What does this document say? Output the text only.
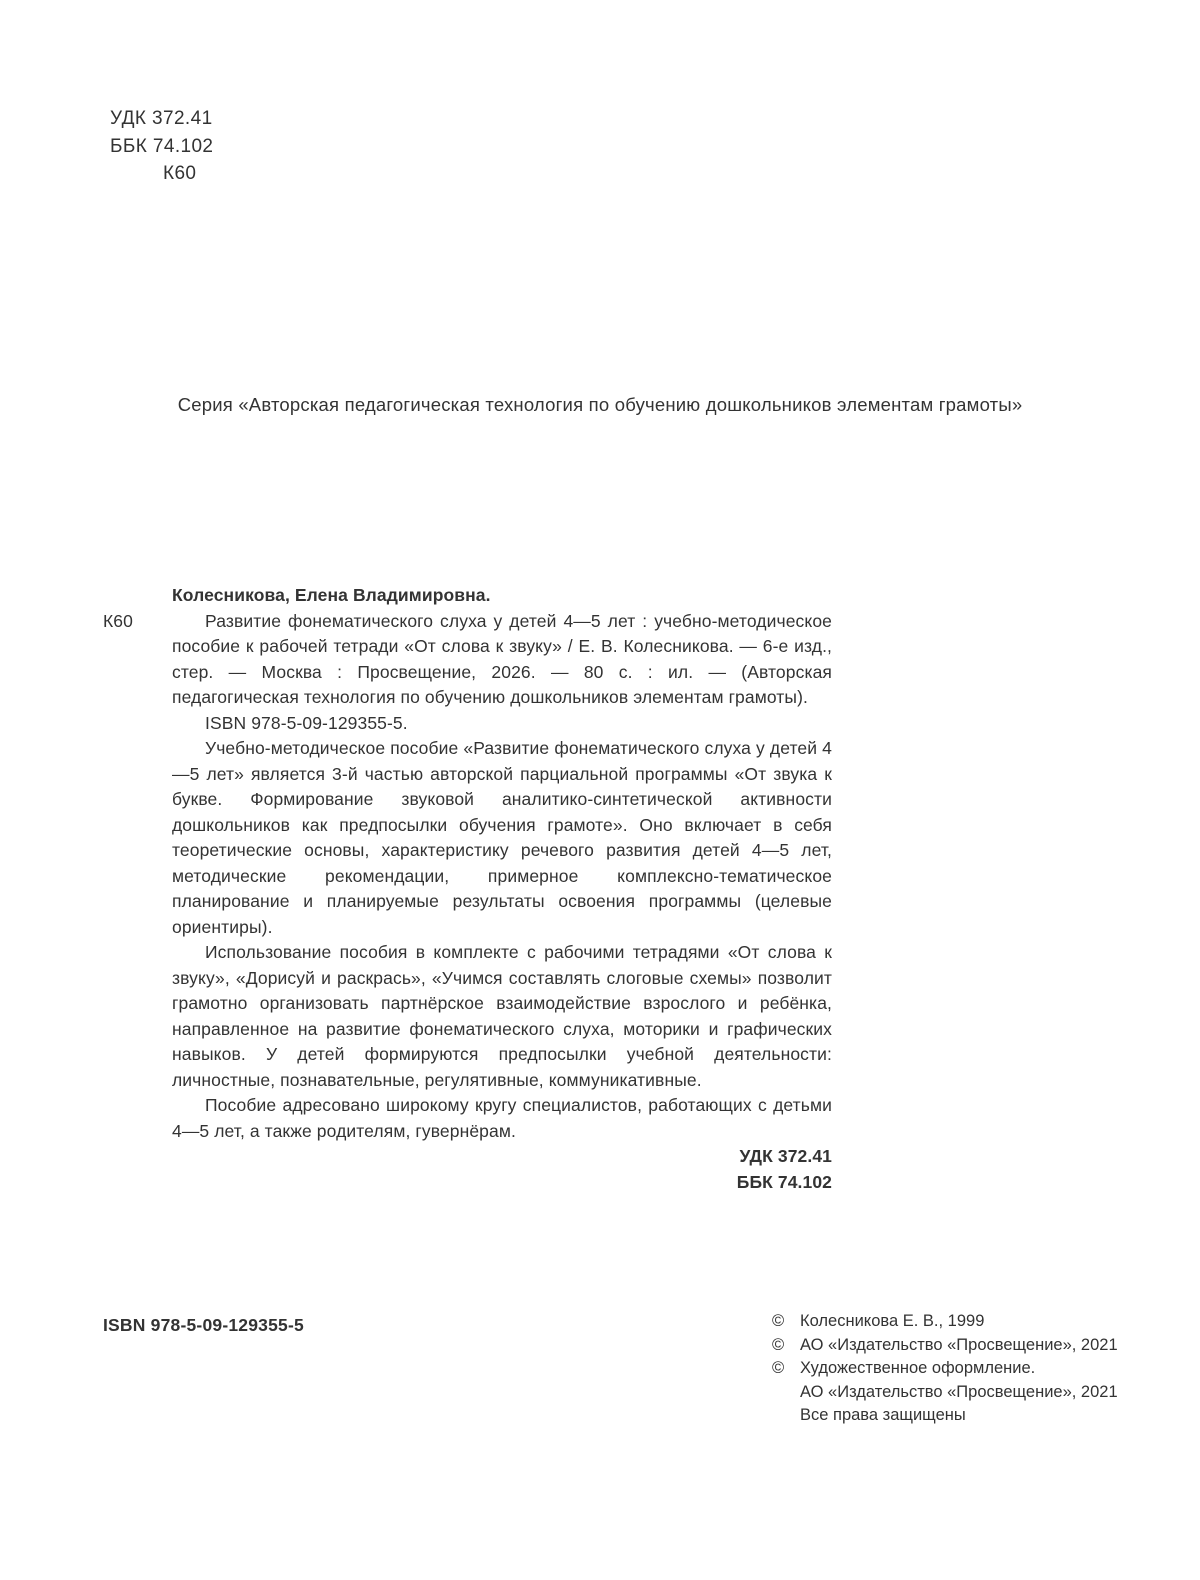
УДК 372.41
ББК 74.102
К60
Серия «Авторская педагогическая технология по обучению дошкольников элементам грамоты»
К60

Колесникова, Елена Владимировна.

Развитие фонематического слуха у детей 4—5 лет : учебно-методическое пособие к рабочей тетради «От слова к звуку» / Е. В. Колесникова. — 6-е изд., стер. — Москва : Просвещение, 2026. — 80 с. : ил. — (Авторская педагогическая технология по обучению дошкольников элементам грамоты).

ISBN 978-5-09-129355-5.

Учебно-методическое пособие «Развитие фонематического слуха у детей 4—5 лет» является 3-й частью авторской парциальной программы «От звука к букве. Формирование звуковой аналитико-синтетической активности дошкольников как предпосылки обучения грамоте». Оно включает в себя теоретические основы, характеристику речевого развития детей 4—5 лет, методические рекомендации, примерное комплексно-тематическое планирование и планируемые результаты освоения программы (целевые ориентиры).

Использование пособия в комплекте с рабочими тетрадями «От слова к звуку», «Дорисуй и раскрась», «Учимся составлять слоговые схемы» позволит грамотно организовать партнёрское взаимодействие взрослого и ребёнка, направленное на развитие фонематического слуха, моторики и графических навыков. У детей формируются предпосылки учебной деятельности: личностные, познавательные, регулятивные, коммуникативные.

Пособие адресовано широкому кругу специалистов, работающих с детьми 4—5 лет, а также родителям, гувернёрам.

УДК 372.41

ББК 74.102

ISBN 978-5-09-129355-5	© Колесникова Е. В., 1999
© АО «Издательство «Просвещение», 2021
© Художественное оформление.
АО «Издательство «Просвещение», 2021
Все права защищены
